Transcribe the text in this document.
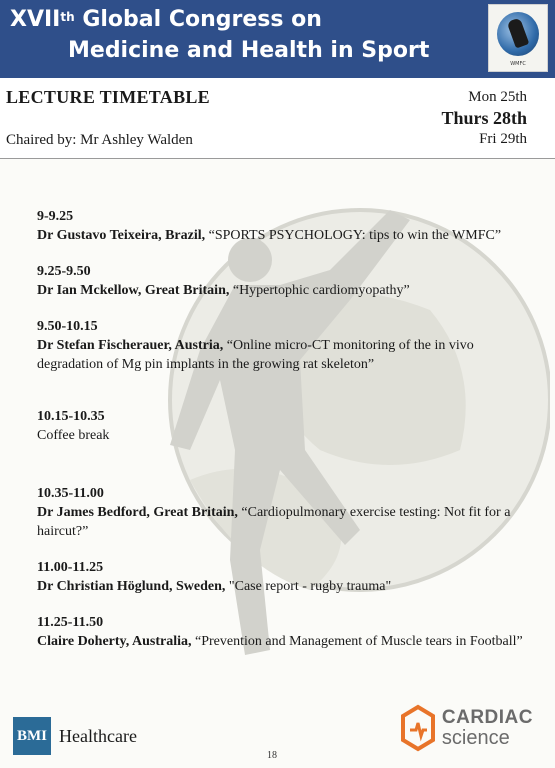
XVIIth Global Congress on
Medicine and Health in Sport
WMFC
LECTURE TIMETABLE
Chaired by: Mr Ashley Walden
Mon 25th
Thurs 28th
Fri 29th

9-9.25
Dr Gustavo Teixeira, Brazil, “SPORTS PSYCHOLOGY: tips to win the WMFC”

9.25-9.50
Dr Ian Mckellow, Great Britain, “Hypertophic cardiomyopathy”

9.50-10.15
Dr Stefan Fischerauer, Austria, “Online micro-CT monitoring of the in vivo degradation of Mg pin implants in the growing rat skeleton”

10.15-10.35
Coffee break

10.35-11.00
Dr James Bedford, Great Britain, “Cardiopulmonary exercise testing: Not fit for a haircut?”

11.00-11.25
Dr Christian Höglund, Sweden, "Case report - rugby trauma"

11.25-11.50
Claire Doherty, Australia, “Prevention and Management of Muscle tears in Football”

BMI Healthcare
CARDIAC
science
18
